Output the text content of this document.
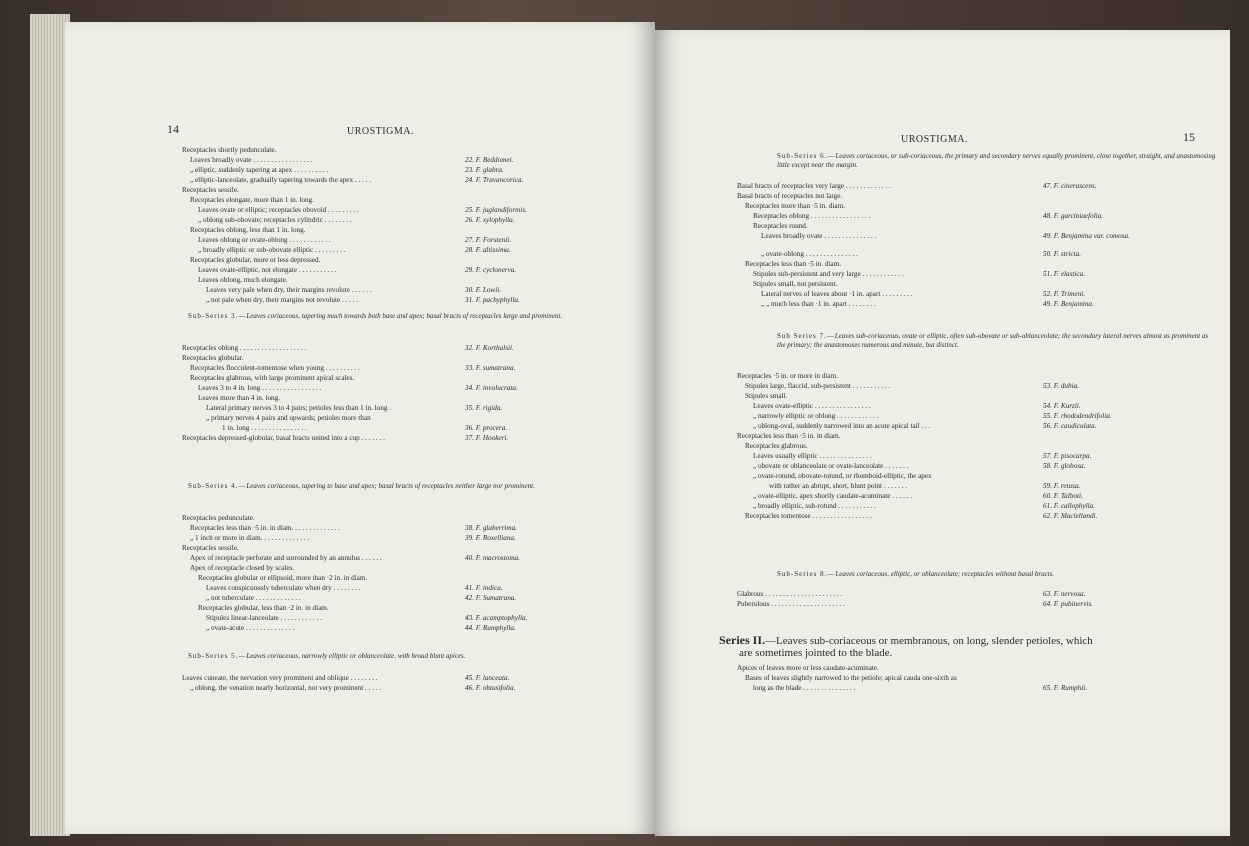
14	UROSTIGMA.
Receptacles shortly pedunculate.
Leaves broadly ovate . . . . . . . . . . . . . . . . .	22. F. Beddomei.
„ elliptic, suddenly tapering at apex . . . . . . . . . .	23. F. glabra.
„ elliptic-lanceolate, gradually tapering towards the apex . . . . .	24. F. Travancorica.
Receptacles sessile.
Receptacles elongate, more than 1 in. long.
Leaves ovate or elliptic; receptacles obovoid . . . . . . . . .	25. F. juglandiformis.
„ oblong sub-obovate; receptacles cylindric . . . . . . . .	26. F. xylophylla.
Receptacles oblong, less than 1 in. long.
Leaves oblong or ovate-oblong . . . . . . . . . . . .	27. F. Forstenii.
„ broadly elliptic or sub-obovate elliptic . . . . . . . . .	28. F. altissima.
Receptacles globular, more or less depressed.
Leaves ovate-elliptic, not elongate . . . . . . . . . . .	29. F. cyclonerva.
Leaves oblong, much elongate.
Leaves very pale when dry, their margins revolute . . . . . .	30. F. Lowii.
„ not pale when dry, their margins not revolute . . . . .	31. F. pachyphylla.
Receptacles oblong . . . . . . . . . . . . . . . . . . .	32. F. Korthalsii.
Receptacles globular.
Receptacles flocculent-tomentose when young . . . . . . . . . .	33. F. sumatrana.
Receptacles glabrous, with large prominent apical scales.
Leaves 3 to 4 in. long . . . . . . . . . . . . . . . . .	34. F. involucrata.
Leaves more than 4 in. long.
Lateral primary nerves 3 to 4 pairs; petioles less than 1 in. long .	35. F. rigida.
„ primary nerves 4 pairs and upwards; petioles more than
1 in. long . . . . . . . . . . . . . . . .	36. F. procera.
Receptacles depressed-globular, basal bracts united into a cup . . . . . . .	37. F. Hookeri.
Receptacles pedunculate.
Receptacles less than ·5 in. in diam. . . . . . . . . . . . . .	38. F. glaberrima.
„ 1 inch or more in diam. . . . . . . . . . . . . .	39. F. Roxelliana.
Receptacles sessile.
Apex of receptacle perforate and surrounded by an annulus . . . . . .	40. F. macrostoma.
Apex of receptacle closed by scales.
Receptacles globular or ellipsoid, more than ·2 in. in diam.
Leaves conspicuously tuberculate when dry . . . . . . . .	41. F. indica.
„ not tuberculate . . . . . . . . . . . . .	42. F. Sumatrana.
Receptacles globular, less than ·2 in. in diam.
Stipules linear-lanceolate . . . . . . . . . . . .	43. F. acamptophylla.
„ ovate-acute . . . . . . . . . . . . . .	44. F. Rumphylla.
Leaves cuneate, the nervation very prominent and oblique . . . . . . . .	45. F. lanceata.
„ oblong, the venation nearly horizontal, not very prominent . . . . .	46. F. obtusifolia.
Sub-Series 3.—Leaves coriaceous, tapering much towards both base and apex; basal bracts of receptacles large and prominent.
Sub-Series 4.—Leaves coriaceous, tapering to base and apex; basal bracts of receptacles neither large nor prominent.
Sub-Series 5.—Leaves coriaceous, narrowly elliptic or oblanceolate, with broad blunt apices.
UROSTIGMA.	15
Basal bracts of receptacles very large . . . . . . . . . . . . .	47. F. cinerascens.
Basal bracts of receptacles not large.
Receptacles more than ·5 in. diam.
Receptacles oblong . . . . . . . . . . . . . . . . .	48. F. garciniaefolia.
Receptacles round.
Leaves broadly ovate . . . . . . . . . . . . . . .	49. F. Benjamina var. comosa.
„ ovate-oblong . . . . . . . . . . . . . . .	50. F. stricta.
Receptacles less than ·5 in. diam.
Stipules sub-persistent and very large . . . . . . . . . . . .	51. F. elastica.
Stipules small, not persistent.
Lateral nerves of leaves about ·1 in. apart . . . . . . . . .	52. F. Trimeni.
„ „ much less than ·1 in. apart . . . . . . . .	49. F. Benjamina.
Receptacles ·5 in. or more in diam.
Stipules large, flaccid, sub-persistent . . . . . . . . . . .	53. F. dubia.
Stipules small.
Leaves ovate-elliptic . . . . . . . . . . . . . . . .	54. F. Kurzii.
„ narrowly elliptic or oblong . . . . . . . . . . . .	55. F. rhododendrifolia.
„ oblong-oval, suddenly narrowed into an acute apical tail . . .	56. F. caudiculata.
Receptacles less than ·5 in. in diam.
Receptacles glabrous.
Leaves usually elliptic . . . . . . . . . . . . . . .	57. F. pisocarpa.
„ obovate or oblanceolate or ovate-lanceolate . . . . . . .	58. F. globosa.
„ ovate-rotund, obovate-rotund, or rhomboid-elliptic, the apex
with rather an abrupt, short, blunt point . . . . . . .	59. F. retusa.
„ ovate-elliptic, apex shortly caudate-acuminate . . . . . .	60. F. Talboti.
„ broadly elliptic, sub-rotund . . . . . . . . . . .	61. F. callophylla.
Receptacles tomentose . . . . . . . . . . . . . . . . .	62. F. Maclellandi.
Glabrous . . . . . . . . . . . . . . . . . . . . . .	63. F. nervosa.
Puberulous . . . . . . . . . . . . . . . . . . . . .	64. F. pubinervis.
Apices of leaves more or less caudate-acuminate.
Bases of leaves slightly narrowed to the petiole; apical cauda one-sixth as
long as the blade . . . . . . . . . . . . . . .	65. F. Rumphii.
Sub-Series 6.—Leaves coriaceous, or sub-coriaceous, the primary and secondary nerves equally prominent, close together, straight, and anastomosing little except near the margin.
Sub Series 7.—Leaves sub-coriaceous, ovate or elliptic, often sub-obovate or sub-oblanceolate; the secondary lateral nerves almost as prominent as the primary; the anastomoses numerous and minute, but distinct.
Sub-Series 8.—Leaves coriaceous, elliptic, or oblanceolate; receptacles without basal bracts.
Series II.—Leaves sub-coriaceous or membranous, on long, slender petioles, which
are sometimes jointed to the blade.
